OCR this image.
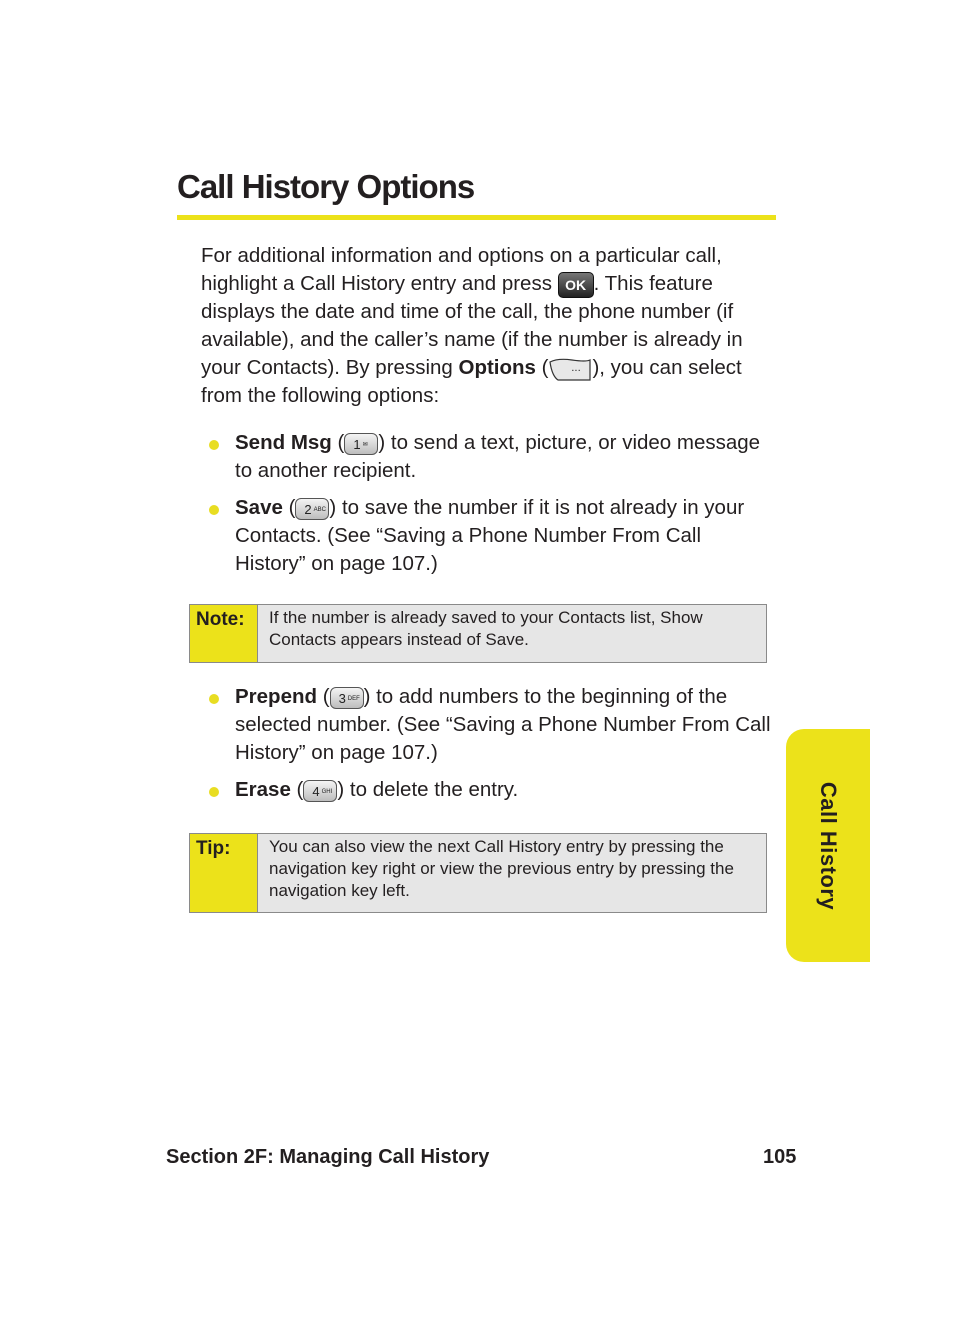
Call History Options

For additional information and options on a particular call, highlight a Call History entry and press OK . This feature displays the date and time of the call, the phone number (if available), and the caller’s name (if the number is already in your Contacts). By pressing Options ( ··· ), you can select from the following options:

Send Msg ( 1 ✉ ) to send a text, picture, or video message to another recipient.
Save ( 2 ABC ) to save the number if it is not already in your Contacts. (See “Saving a Phone Number From Call History” on page 107.)
Note:	If the number is already saved to your Contacts list, Show Contacts appears instead of Save.
Prepend ( 3 DEF ) to add numbers to the beginning of the selected number. (See “Saving a Phone Number From Call History” on page 107.)
Erase ( 4 GHI ) to delete the entry.
Tip:	You can also view the next Call History entry by pressing the navigation key right or view the previous entry by pressing the navigation key left.	Call History
Section 2F: Managing Call History	105
